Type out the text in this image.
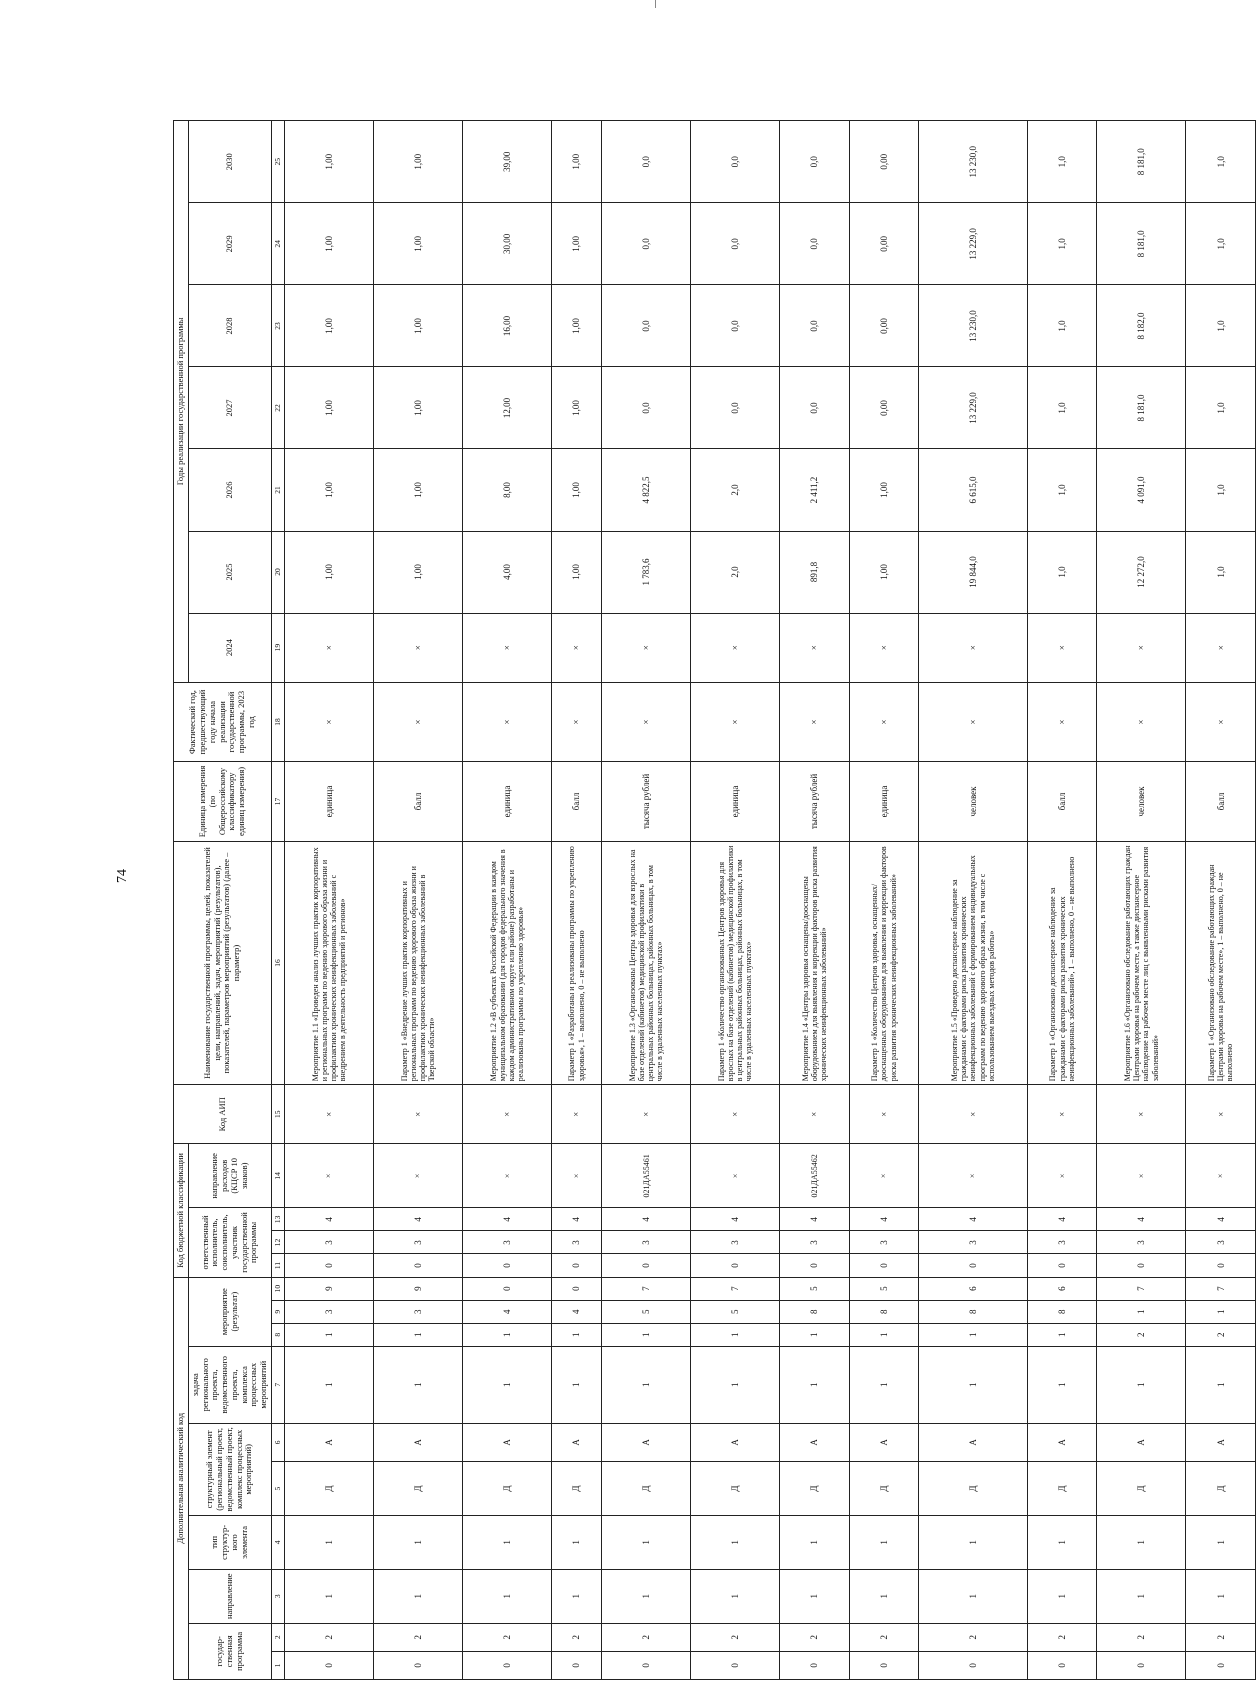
74
Дополнительная аналитический код										Код бюджетной классификации				Код АИП	Наименование государственной программы, целей, показателей цели, направлений, задач, мероприятий (результатов), показателей, параметров мероприятий (результатов) (далее – параметр)	Единица измерения (по Общероссийскому классификатору единиц измерения)	Фактический год, предшествующий году начала реализации государственной программы, 2023 год	Годы реализации государственной программы						
государственная программа		направление	тип структурного элемента	структурный элемент (региональный проект, ведомственный проект, комплекс процессных мероприятий)		задача регионального проекта, ведомственного проекта, комплекса процессных мероприятий	мероприятие (результат)			ответственный исполнитель, соисполнитель, участник государственной программы			направление расходов (КЦСР 10 знаков)					2024	2025	2026	2027	2028	2029	2030

1	2	3	4	5	6	7	8	9	10	11	12	13	14	15	16	17	18	19	20	21	22	23	24	25
0	2	1	1	Д	А	1	1	3	9	0	3	4	×	×	Мероприятие 1.1 «Проведен анализ лучших практик корпоративных и региональных программ по ведению здорового образа жизни и профилактики хронических неинфекционных заболеваний с внедрением в деятельность предприятий и регионов»	единица	×	×	1,00	1,00	1,00	1,00	1,00	1,00
0	2	1	1	Д	А	1	1	3	9	0	3	4	×	×	Параметр 1 «Внедрение лучших практик корпоративных и региональных программ по ведению здорового образа жизни и профилактики хронических неинфекционных заболеваний в Тверской области»	балл	×	×	1,00	1,00	1,00	1,00	1,00	1,00
0	2	1	1	Д	А	1	1	4	0	0	3	4	×	×	Мероприятие 1.2 «В субъектах Российской Федерации в каждом муниципальном образовании (для городов федерального значения в каждом административном округе или районе) разработаны и реализованы программы по укреплению здоровья»	единица	×	×	4,00	8,00	12,00	16,00	30,00	39,00
0	2	1	1	Д	А	1	1	4	0	0	3	4	×	×	Параметр 1 «Разработаны и реализованы программы по укреплению здоровья», 1 – выполнено, 0 – не выполнено	балл	×	×	1,00	1,00	1,00	1,00	1,00	1,00
0	2	1	1	Д	А	1	1	5	7	0	3	4	021ДА55461	×	Мероприятие 1.3 «Организованы Центры здоровья для взрослых на базе отделений (кабинетов) медицинской профилактики в центральных районных больницах, районных больницах, в том числе в удаленных населенных пунктах»	тысяча рублей	×	×	1 783,6	4 822,5	0,0	0,0	0,0	0,0
0	2	1	1	Д	А	1	1	5	7	0	3	4	×	×	Параметр 1 «Количество организованных Центров здоровья для взрослых на базе отделений (кабинетов) медицинской профилактики в центральных районных больницах, районных больницах, в том числе в удаленных населенных пунктах»	единица	×	×	2,0	2,0	0,0	0,0	0,0	0,0
0	2	1	1	Д	А	1	1	8	5	0	3	4	021ДА55462	×	Мероприятие 1.4 «Центры здоровья оснащены/дооснащены оборудованием для выявления и коррекции факторов риска развития хронических неинфекционных заболеваний»	тысяча рублей	×	×	891,8	2 411,2	0,0	0,0	0,0	0,0
0	2	1	1	Д	А	1	1	8	5	0	3	4	×	×	Параметр 1 «Количество Центров здоровья, оснащенных/дооснащенных оборудованием для выявления и коррекции факторов риска развития хронических неинфекционных заболеваний»	единица	×	×	1,00	1,00	0,00	0,00	0,00	0,00
0	2	1	1	Д	А	1	1	8	6	0	3	4	×	×	Мероприятие 1.5 «Проведено диспансерное наблюдение за гражданами с факторами риска развития хронических неинфекционных заболеваний с формированием индивидуальных программ по ведению здорового образа жизни, в том числе с использованием выездных методов работы»	человек	×	×	19 844,0	6 615,0	13 229,0	13 230,0	13 229,0	13 230,0
0	2	1	1	Д	А	1	1	8	6	0	3	4	×	×	Параметр 1 «Организовано диспансерное наблюдение за гражданами с факторами риска развития хронических неинфекционных заболеваний», 1 – выполнено, 0 – не выполнено	балл	×	×	1,0	1,0	1,0	1,0	1,0	1,0
0	2	1	1	Д	А	1	2	1	7	0	3	4	×	×	Мероприятие 1.6 «Организовано обследование работающих граждан Центрами здоровья на рабочем месте, а также диспансерное наблюдение на рабочем месте лиц с выявленными рисками развития заболеваний»	человек	×	×	12 272,0	4 091,0	8 181,0	8 182,0	8 181,0	8 181,0
0	2	1	1	Д	А	1	2	1	7	0	3	4	×	×	Параметр 1 «Организовано обследование работающих граждан Центрами здоровья на рабочем месте», 1 – выполнено, 0 – не выполнено	балл	×	×	1,0	1,0	1,0	1,0	1,0	1,0
